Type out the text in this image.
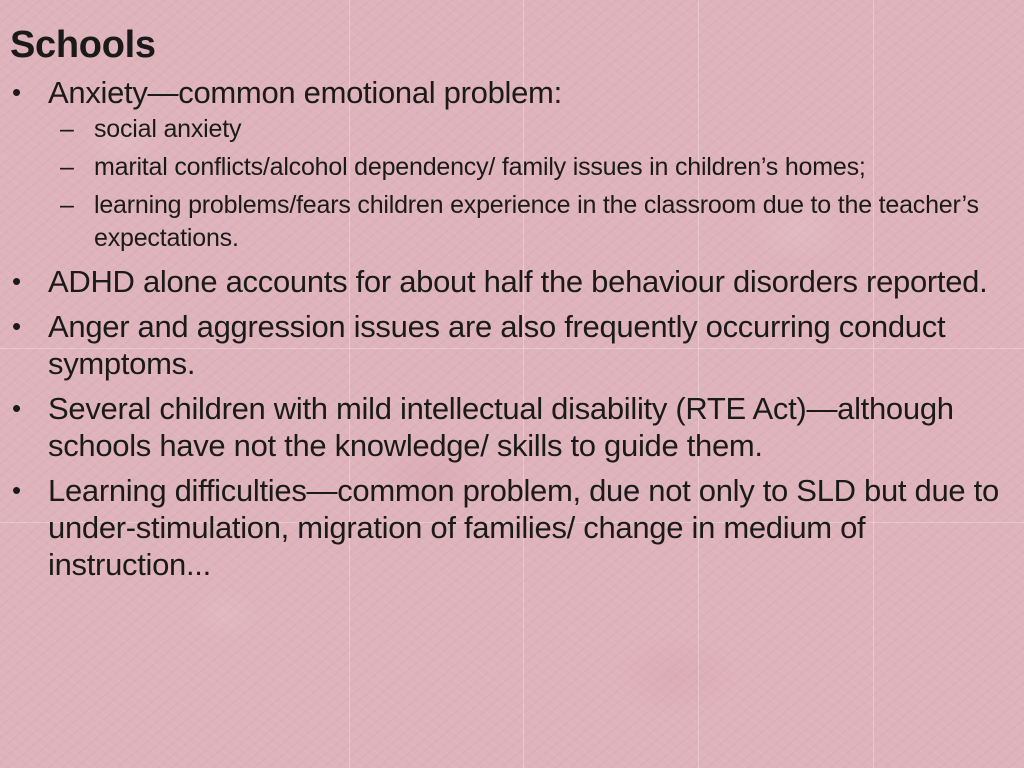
Schools
• Anxiety—common emotional problem:
– social anxiety
– marital conflicts/alcohol dependency/ family issues in children’s homes;
– learning problems/fears children experience in the classroom due to the teacher’s expectations.
• ADHD alone accounts for about half the behaviour disorders reported.
• Anger and aggression issues are also frequently occurring conduct symptoms.
• Several children with mild intellectual disability (RTE Act)—although schools have not the knowledge/ skills to guide them.
• Learning difficulties—common problem, due not only to SLD but due to under-stimulation, migration of families/ change in medium of instruction...
